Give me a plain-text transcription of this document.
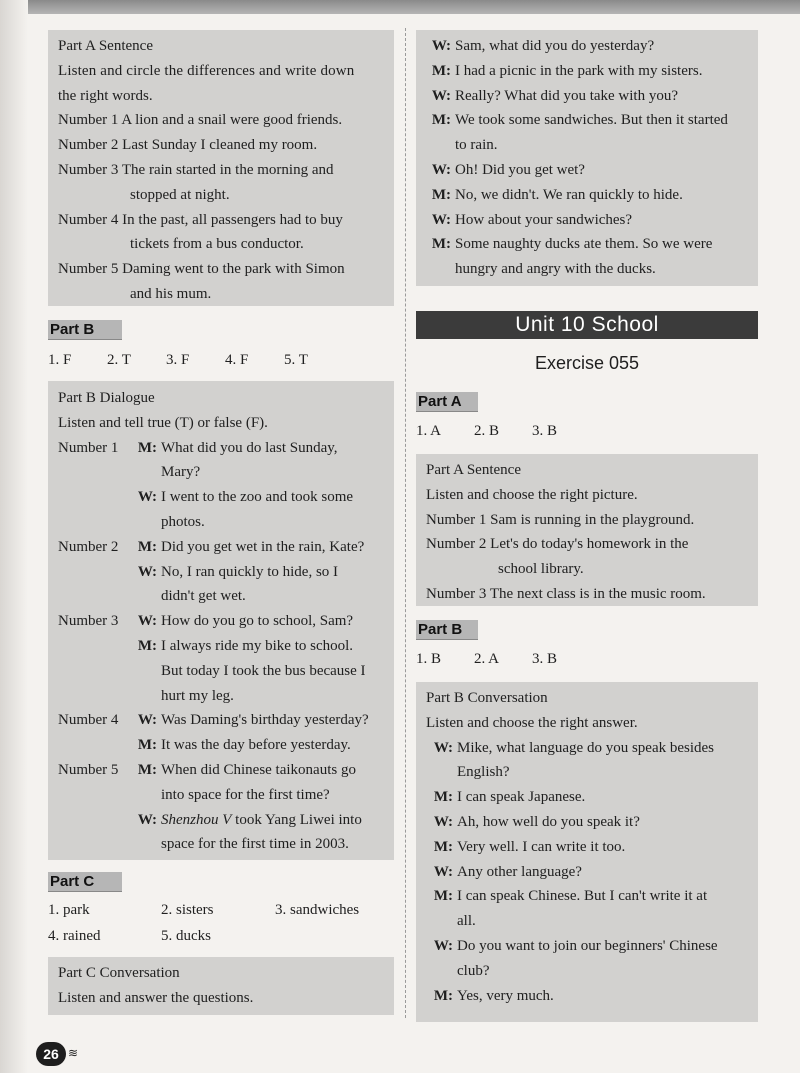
Part A Sentence
Listen and circle the differences and write down
the right words.
Number 1 A lion and a snail were good friends.
Number 2 Last Sunday I cleaned my room.
Number 3 The rain started in the morning and
stopped at night.
Number 4 In the past, all passengers had to buy
tickets from a bus conductor.
Number 5 Daming went to the park with Simon
and his mum.
Part B
1. F 2. T 3. F 4. F 5. T
Part B Dialogue
Listen and tell true (T) or false (F).
Number 1	M: What did you do last Sunday,
Mary?
W: I went to the zoo and took some
photos.
Number 2	M: Did you get wet in the rain, Kate?
W: No, I ran quickly to hide, so I
didn't get wet.
Number 3	W: How do you go to school, Sam?
M: I always ride my bike to school.
But today I took the bus because I
hurt my leg.
Number 4	W: Was Daming's birthday yesterday?
M: It was the day before yesterday.
Number 5	M: When did Chinese taikonauts go
into space for the first time?
W: Shenzhou V took Yang Liwei into
space for the first time in 2003.
Part C
1. park	2. sisters	3. sandwiches
4. rained	5. ducks
Part C Conversation
Listen and answer the questions.
W: Sam, what did you do yesterday?
M: I had a picnic in the park with my sisters.
W: Really? What did you take with you?
M: We took some sandwiches. But then it started
to rain.
W: Oh! Did you get wet?
M: No, we didn't. We ran quickly to hide.
W: How about your sandwiches?
M: Some naughty ducks ate them. So we were
hungry and angry with the ducks.
Unit 10 School
Exercise 055
Part A
1. A 2. B 3. B
Part A Sentence
Listen and choose the right picture.
Number 1 Sam is running in the playground.
Number 2 Let's do today's homework in the
school library.
Number 3 The next class is in the music room.
Part B
1. B 2. A 3. B
Part B Conversation
Listen and choose the right answer.
W: Mike, what language do you speak besides
English?
M: I can speak Japanese.
W: Ah, how well do you speak it?
M: Very well. I can write it too.
W: Any other language?
M: I can speak Chinese. But I can't write it at
all.
W: Do you want to join our beginners' Chinese
club?
M: Yes, very much.
26 ≋
